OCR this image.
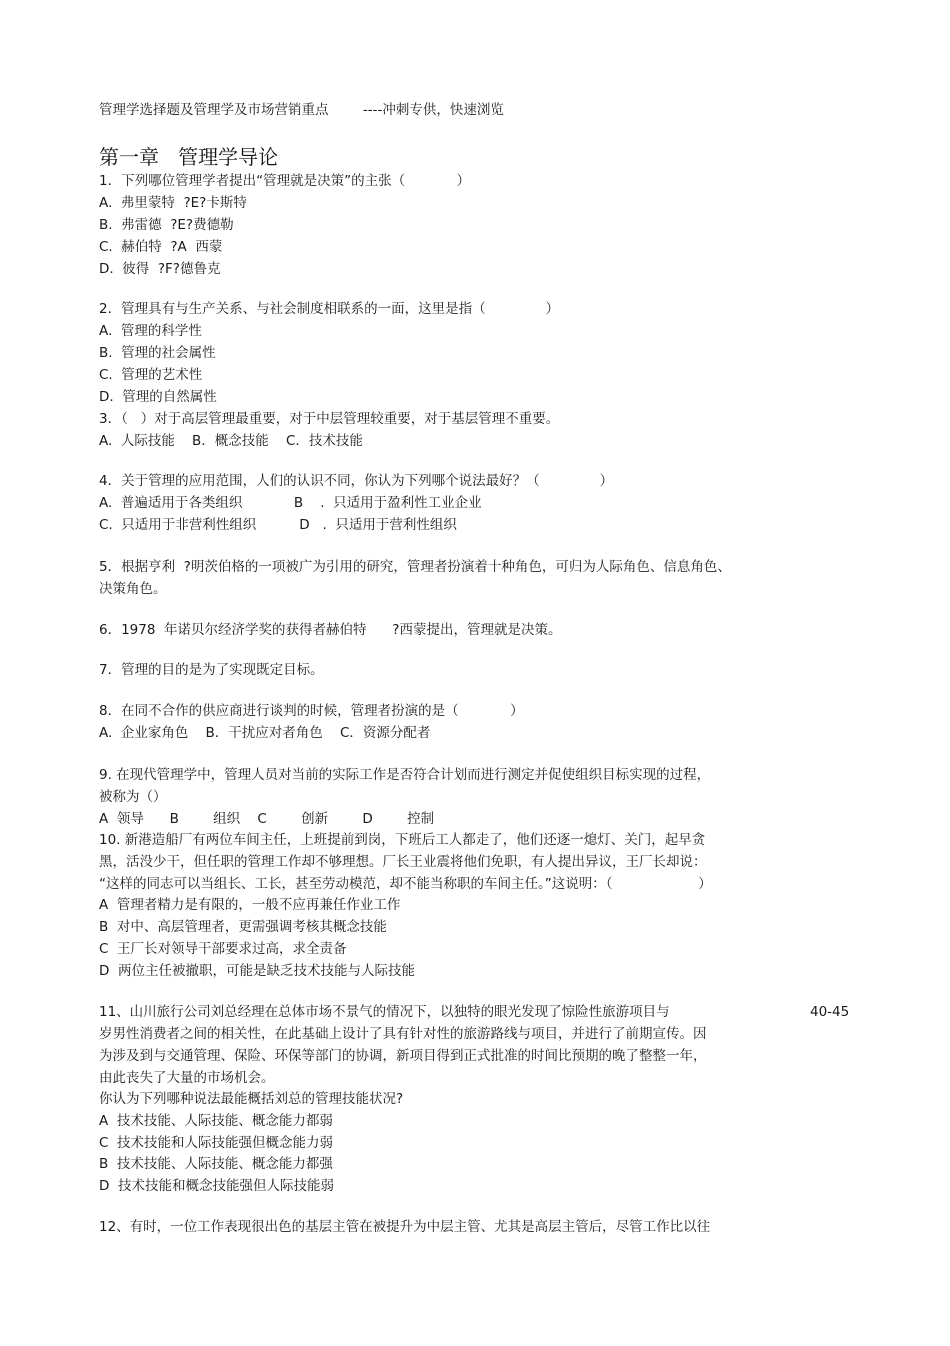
管理学选择题及管理学及市场营销重点        ----冲刺专供，快速浏览
第一章   管理学导论
1．下列哪位管理学者提出“管理就是决策”的主张（            ）
A.  弗里蒙特  ?E?卡斯特
B.  弗雷德  ?E?费德勒
C.  赫伯特  ?A  西蒙
D.  彼得  ?F?德鲁克
2．管理具有与生产关系、与社会制度相联系的一面，这里是指（              ）
A.  管理的科学性
B.  管理的社会属性
C.  管理的艺术性
D.  管理的自然属性
3．（   ）对于高层管理最重要，对于中层管理较重要，对于基层管理不重要。
A.  人际技能    B．概念技能    C．技术技能
4．关于管理的应用范围，人们的认识不同，你认为下列哪个说法最好？（              ）
A.  普遍适用于各类组织            B    .  只适用于盈利性工业企业
C.  只适用于非营利性组织          D   .  只适用于营利性组织
5．根据亨利  ?明茨伯格的一项被广为引用的研究，管理者扮演着十种角色，可归为人际角色、信息角色、
决策角色。
6．1978  年诺贝尔经济学奖的获得者赫伯特      ?西蒙提出，管理就是决策。
7．管理的目的是为了实现既定目标。
8．在同不合作的供应商进行谈判的时候，管理者扮演的是（            ）
A.  企业家角色    B．干扰应对者角色    C．资源分配者
9. 在现代管理学中，管理人员对当前的实际工作是否符合计划而进行测定并促使组织目标实现的过程，
被称为（）
A  领导      B        组织    C        创新        D        控制
10. 新港造船厂有两位车间主任，上班提前到岗，下班后工人都走了，他们还逐一熄灯、关门，起早贪
黑，活没少干，但任职的管理工作却不够理想。厂长王业震将他们免职，有人提出异议，王厂长却说：
“这样的同志可以当组长、工长，甚至劳动模范，却不能当称职的车间主任。”这说明：（                    ）
A  管理者精力是有限的，一般不应再兼任作业工作
B  对中、高层管理者，更需强调考核其概念技能
C  王厂长对领导干部要求过高，求全责备
D  两位主任被撤职，可能是缺乏技术技能与人际技能
11、山川旅行公司刘总经理在总体市场不景气的情况下，以独特的眼光发现了惊险性旅游项目与	40-45
岁男性消费者之间的相关性，在此基础上设计了具有针对性的旅游路线与项目，并进行了前期宣传。因
为涉及到与交通管理、保险、环保等部门的协调，新项目得到正式批准的时间比预期的晚了整整一年，
由此丧失了大量的市场机会。
你认为下列哪种说法最能概括刘总的管理技能状况?
A  技术技能、人际技能、概念能力都弱
C  技术技能和人际技能强但概念能力弱
B  技术技能、人际技能、概念能力都强
D  技术技能和概念技能强但人际技能弱
12、有时，一位工作表现很出色的基层主管在被提升为中层主管、尤其是高层主管后，尽管工作比以往
